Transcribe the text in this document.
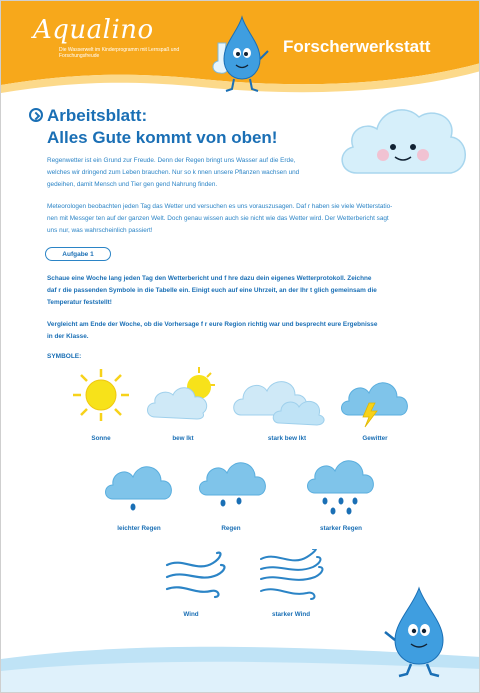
Aqualino
Die Wasserwelt im Kinderprogramm mit Lernspaß und Forschungsfreude	Forscherwerkstatt
Arbeitsblatt:
Alles Gute kommt von oben!
Regenwetter ist ein Grund zur Freude. Denn der Regen bringt uns Wasser auf die Erde,
welches wir dringend zum Leben brauchen. Nur so k nnen unsere Pflanzen wachsen und
gedeihen, damit Mensch und Tier gen gend Nahrung finden.
Meteorologen beobachten jeden Tag das Wetter und versuchen es uns vorauszusagen. Daf r haben sie viele Wetterstatio-
nen mit Messger ten auf der ganzen Welt. Doch genau wissen auch sie nicht wie das Wetter wird. Der Wetterbericht sagt
uns nur, was wahrscheinlich passiert!
Aufgabe 1
Schaue eine Woche lang jeden Tag den Wetterbericht und f hre dazu dein eigenes Wetterprotokoll. Zeichne
daf r die passenden Symbole in die Tabelle ein. Einigt euch auf eine Uhrzeit, an der Ihr t glich gemeinsam die
Temperatur feststellt!
Vergleicht am Ende der Woche, ob die Vorhersage f r eure Region richtig war und besprecht eure Ergebnisse
in der Klasse.
SYMBOLE:
Sonne	bew lkt	stark bew lkt	Gewitter
leichter Regen	Regen	starker Regen
Wind	starker Wind
